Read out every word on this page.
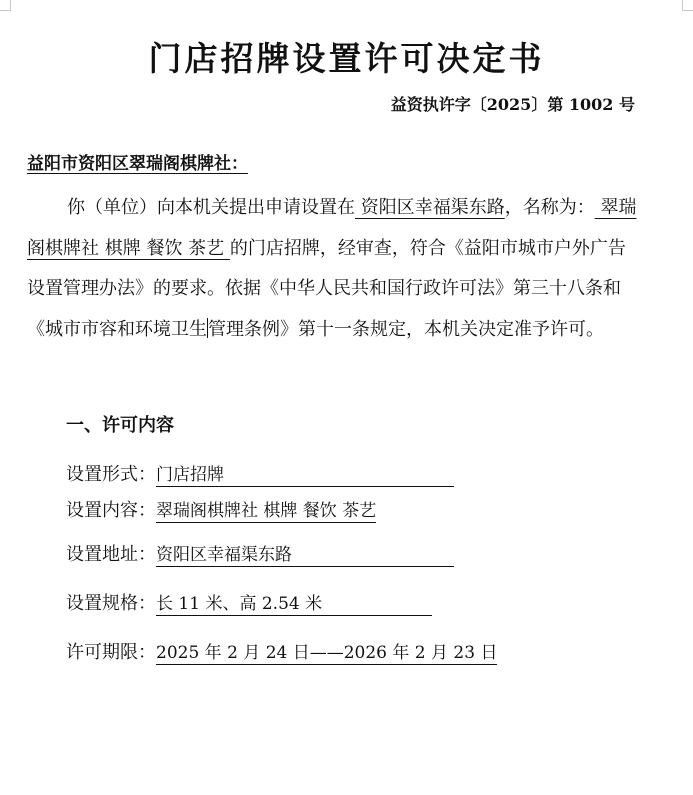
门店招牌设置许可决定书
益资执许字〔2025〕第 1002 号
益阳市资阳区翠瑞阁棋牌社：
你（单位）向本机关提出申请设置在 资阳区幸福渠东路，名称为： 翠瑞阁棋牌社 棋牌 餐饮 茶艺 的门店招牌，经审查，符合《益阳市城市户外广告设置管理办法》的要求。依据《中华人民共和国行政许可法》第三十八条和《城市市容和环境卫生管理条例》第十一条规定，本机关决定准予许可。
一、许可内容
设置形式：门店招牌
设置内容：翠瑞阁棋牌社 棋牌 餐饮 茶艺
设置地址：资阳区幸福渠东路
设置规格：长 11 米、高 2.54 米
许可期限：2025 年 2 月 24 日——2026 年 2 月 23 日
